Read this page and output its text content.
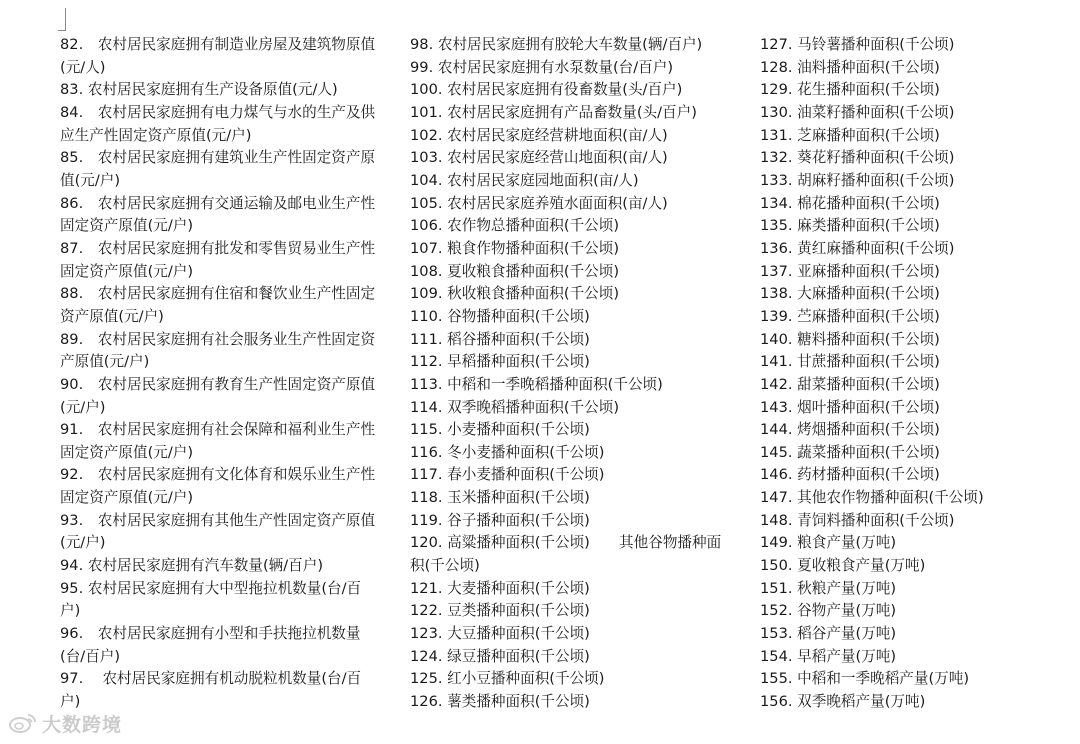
82.　农村居民家庭拥有制造业房屋及建筑物原值(元/人)

83. 农村居民家庭拥有生产设备原值(元/人)

84.　农村居民家庭拥有电力煤气与水的生产及供应生产性固定资产原值(元/户)

85.　农村居民家庭拥有建筑业生产性固定资产原值(元/户)

86.　农村居民家庭拥有交通运输及邮电业生产性固定资产原值(元/户)

87.　农村居民家庭拥有批发和零售贸易业生产性固定资产原值(元/户)

88.　农村居民家庭拥有住宿和餐饮业生产性固定资产原值(元/户)

89.　农村居民家庭拥有社会服务业生产性固定资产原值(元/户)

90.　农村居民家庭拥有教育生产性固定资产原值(元/户)

91.　农村居民家庭拥有社会保障和福利业生产性固定资产原值(元/户)

92.　农村居民家庭拥有文化体育和娱乐业生产性固定资产原值(元/户)

93.　农村居民家庭拥有其他生产性固定资产原值(元/户)

94. 农村居民家庭拥有汽车数量(辆/百户)

95. 农村居民家庭拥有大中型拖拉机数量(台/百户)

96.　农村居民家庭拥有小型和手扶拖拉机数量(台/百户)

97.　 农村居民家庭拥有机动脱粒机数量(台/百户)

98. 农村居民家庭拥有胶轮大车数量(辆/百户)

99. 农村居民家庭拥有水泵数量(台/百户)

100. 农村居民家庭拥有役畜数量(头/百户)

101. 农村居民家庭拥有产品畜数量(头/百户)

102. 农村居民家庭经营耕地面积(亩/人)

103. 农村居民家庭经营山地面积(亩/人)

104. 农村居民家庭园地面积(亩/人)

105. 农村居民家庭养殖水面面积(亩/人)

106. 农作物总播种面积(千公顷)

107. 粮食作物播种面积(千公顷)

108. 夏收粮食播种面积(千公顷)

109. 秋收粮食播种面积(千公顷)

110. 谷物播种面积(千公顷)

111. 稻谷播种面积(千公顷)

112. 早稻播种面积(千公顷)

113. 中稻和一季晚稻播种面积(千公顷)

114. 双季晚稻播种面积(千公顷)

115. 小麦播种面积(千公顷)

116. 冬小麦播种面积(千公顷)

117. 春小麦播种面积(千公顷)

118. 玉米播种面积(千公顷)

119. 谷子播种面积(千公顷)

120. 高粱播种面积(千公顷)　　其他谷物播种面积(千公顷)

121. 大麦播种面积(千公顷)

122. 豆类播种面积(千公顷)

123. 大豆播种面积(千公顷)

124. 绿豆播种面积(千公顷)

125. 红小豆播种面积(千公顷)

126. 薯类播种面积(千公顷)

127. 马铃薯播种面积(千公顷)

128. 油料播种面积(千公顷)

129. 花生播种面积(千公顷)

130. 油菜籽播种面积(千公顷)

131. 芝麻播种面积(千公顷)

132. 葵花籽播种面积(千公顷)

133. 胡麻籽播种面积(千公顷)

134. 棉花播种面积(千公顷)

135. 麻类播种面积(千公顷)

136. 黄红麻播种面积(千公顷)

137. 亚麻播种面积(千公顷)

138. 大麻播种面积(千公顷)

139. 苎麻播种面积(千公顷)

140. 糖料播种面积(千公顷)

141. 甘蔗播种面积(千公顷)

142. 甜菜播种面积(千公顷)

143. 烟叶播种面积(千公顷)

144. 烤烟播种面积(千公顷)

145. 蔬菜播种面积(千公顷)

146. 药材播种面积(千公顷)

147. 其他农作物播种面积(千公顷)

148. 青饲料播种面积(千公顷)

149. 粮食产量(万吨)

150. 夏收粮食产量(万吨)

151. 秋粮产量(万吨)

152. 谷物产量(万吨)

153. 稻谷产量(万吨)

154. 早稻产量(万吨)

155. 中稻和一季晚稻产量(万吨)

156. 双季晚稻产量(万吨)

大数跨境
